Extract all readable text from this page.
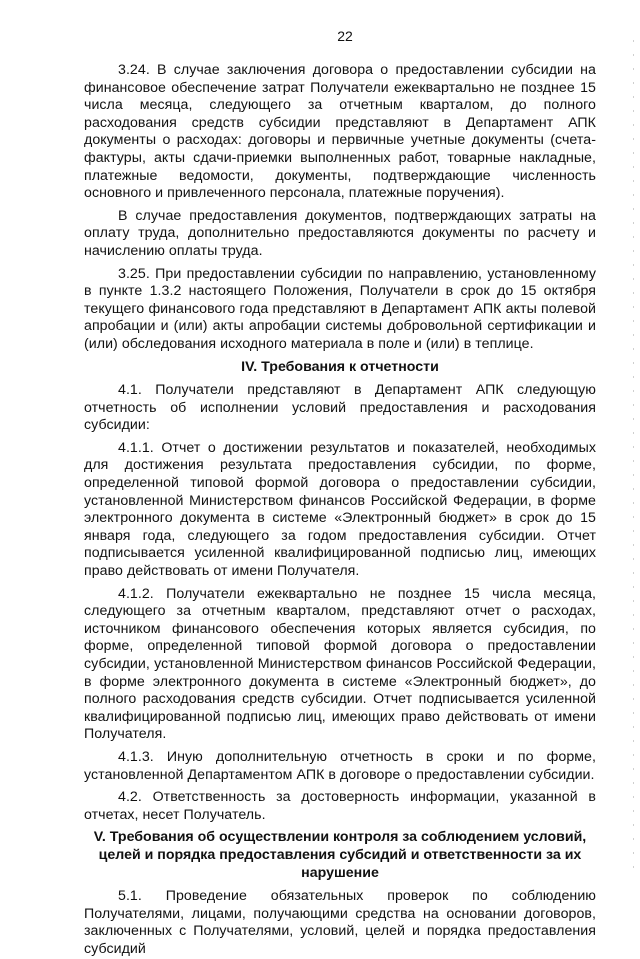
22

3.24. В случае заключения договора о предоставлении субсидии на финансовое обеспечение затрат Получатели ежеквартально не позднее 15 числа месяца, следующего за отчетным кварталом, до полного расходования средств субсидии представляют в Департамент АПК документы о расходах: договоры и первичные учетные документы (счета-фактуры, акты сдачи-приемки выполненных работ, товарные накладные, платежные ведомости, документы, подтверждающие численность основного и привлеченного персонала, платежные поручения).

В случае предоставления документов, подтверждающих затраты на оплату труда, дополнительно предоставляются документы по расчету и начислению оплаты труда.

3.25. При предоставлении субсидии по направлению, установленному в пункте 1.3.2 настоящего Положения, Получатели в срок до 15 октября текущего финансового года представляют в Департамент АПК акты полевой апробации и (или) акты апробации системы добровольной сертификации и (или) обследования исходного материала в поле и (или) в теплице.

IV. Требования к отчетности

4.1. Получатели представляют в Департамент АПК следующую отчетность об исполнении условий предоставления и расходования субсидии:

4.1.1. Отчет о достижении результатов и показателей, необходимых для достижения результата предоставления субсидии, по форме, определенной типовой формой договора о предоставлении субсидии, установленной Министерством финансов Российской Федерации, в форме электронного документа в системе «Электронный бюджет» в срок до 15 января года, следующего за годом предоставления субсидии. Отчет подписывается усиленной квалифицированной подписью лиц, имеющих право действовать от имени Получателя.

4.1.2. Получатели ежеквартально не позднее 15 числа месяца, следующего за отчетным кварталом, представляют отчет о расходах, источником финансового обеспечения которых является субсидия, по форме, определенной типовой формой договора о предоставлении субсидии, установленной Министерством финансов Российской Федерации, в форме электронного документа в системе «Электронный бюджет», до полного расходования средств субсидии. Отчет подписывается усиленной квалифицированной подписью лиц, имеющих право действовать от имени Получателя.

4.1.3. Иную дополнительную отчетность в сроки и по форме, установленной Департаментом АПК в договоре о предоставлении субсидии.

4.2. Ответственность за достоверность информации, указанной в отчетах, несет Получатель.

V. Требования об осуществлении контроля за соблюдением условий, целей и порядка предоставления субсидий и ответственности за их нарушение

5.1. Проведение обязательных проверок по соблюдению Получателями, лицами, получающими средства на основании договоров, заключенных с Получателями, условий, целей и порядка предоставления субсидий
